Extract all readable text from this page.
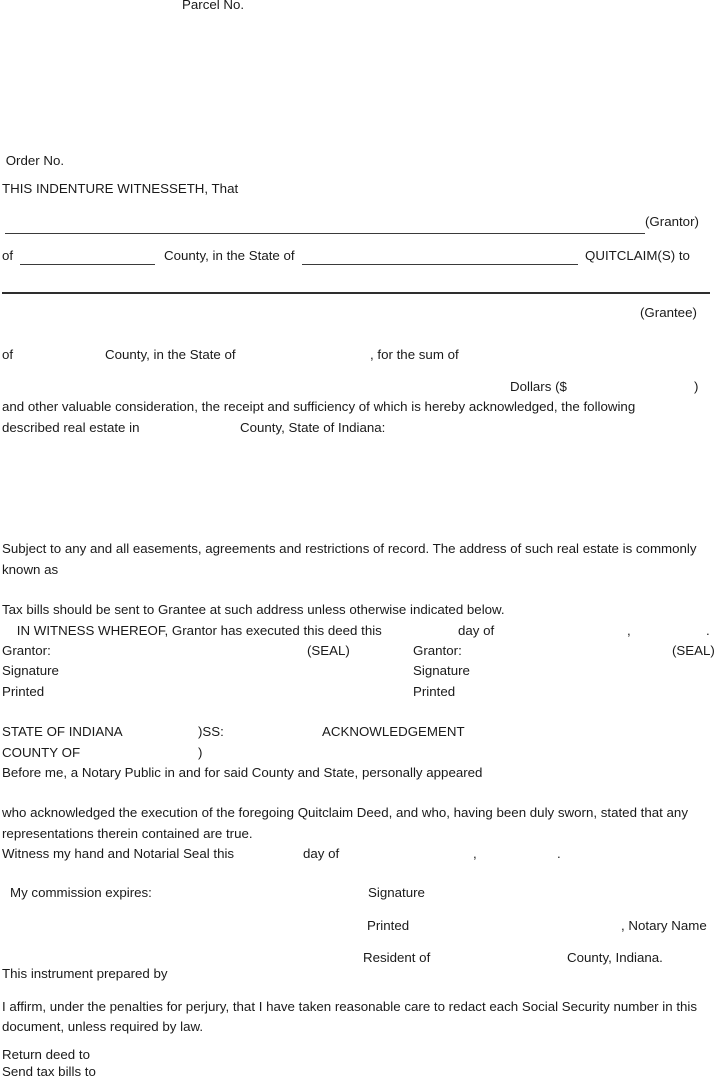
Parcel No.
Order No.
THIS INDENTURE WITNESSETH, That
(Grantor)
of	County, in the State of	QUITCLAIM(S) to
(Grantee)
of	County, in the State of	, for the sum of
Dollars ($	)
and other valuable consideration, the receipt and sufficiency of which is hereby acknowledged, the following
described real estate in	County, State of Indiana:
Subject to any and all easements, agreements and restrictions of record. The address of such real estate is commonly
known as
Tax bills should be sent to Grantee at such address unless otherwise indicated below.
IN WITNESS WHEREOF, Grantor has executed this deed this	day of	,	.
Grantor:	(SEAL)	Grantor:	(SEAL)
Signature	Signature
Printed	Printed
STATE OF INDIANA	)SS:	ACKNOWLEDGEMENT
COUNTY OF	)
Before me, a Notary Public in and for said County and State, personally appeared
who acknowledged the execution of the foregoing Quitclaim Deed, and who, having been duly sworn, stated that any
representations therein contained are true.
Witness my hand and Notarial Seal this	day of	,	.
My commission expires:	Signature
Printed	, Notary Name
Resident of	County, Indiana.
This instrument prepared by
I affirm, under the penalties for perjury, that I have taken reasonable care to redact each Social Security number in this
document, unless required by law.
Return deed to
Send tax bills to
